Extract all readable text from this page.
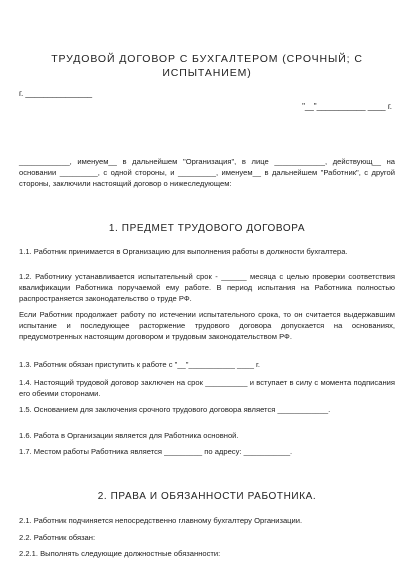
ТРУДОВОЙ ДОГОВОР С БУХГАЛТЕРОМ (СРОЧНЫЙ; С
ИСПЫТАНИЕМ)
г. _______________
"__"___________ ____ г.
____________, именуем__ в дальнейшем "Организация", в лице ____________, действующ__ на основании _________, с одной стороны, и _________, именуем__ в дальнейшем "Работник", с другой стороны, заключили настоящий договор о нижеследующем:
1. ПРЕДМЕТ ТРУДОВОГО ДОГОВОРА
1.1. Работник принимается в Организацию для выполнения работы в должности бухгалтера.
1.2. Работнику устанавливается испытательный срок - ______ месяца с целью проверки соответствия квалификации Работника поручаемой ему работе. В период испытания на Работника полностью распространяется законодательство о труде РФ.
Если Работник продолжает работу по истечении испытательного срока, то он считается выдержавшим испытание и последующее расторжение трудового договора допускается на основаниях, предусмотренных настоящим договором и трудовым законодательством РФ.
1.3. Работник обязан приступить к работе с "__"___________ ____ г.
1.4. Настоящий трудовой договор заключен на срок __________ и вступает в силу с момента подписания его обеими сторонами.
1.5. Основанием для заключения срочного трудового договора является ____________.
1.6. Работа в Организации является для Работника основной.
1.7. Местом работы Работника является _________ по адресу: ___________.
2. ПРАВА И ОБЯЗАННОСТИ РАБОТНИКА.
2.1. Работник подчиняется непосредственно главному бухгалтеру Организации.
2.2. Работник обязан:
2.2.1. Выполнять следующие должностные обязанности:
